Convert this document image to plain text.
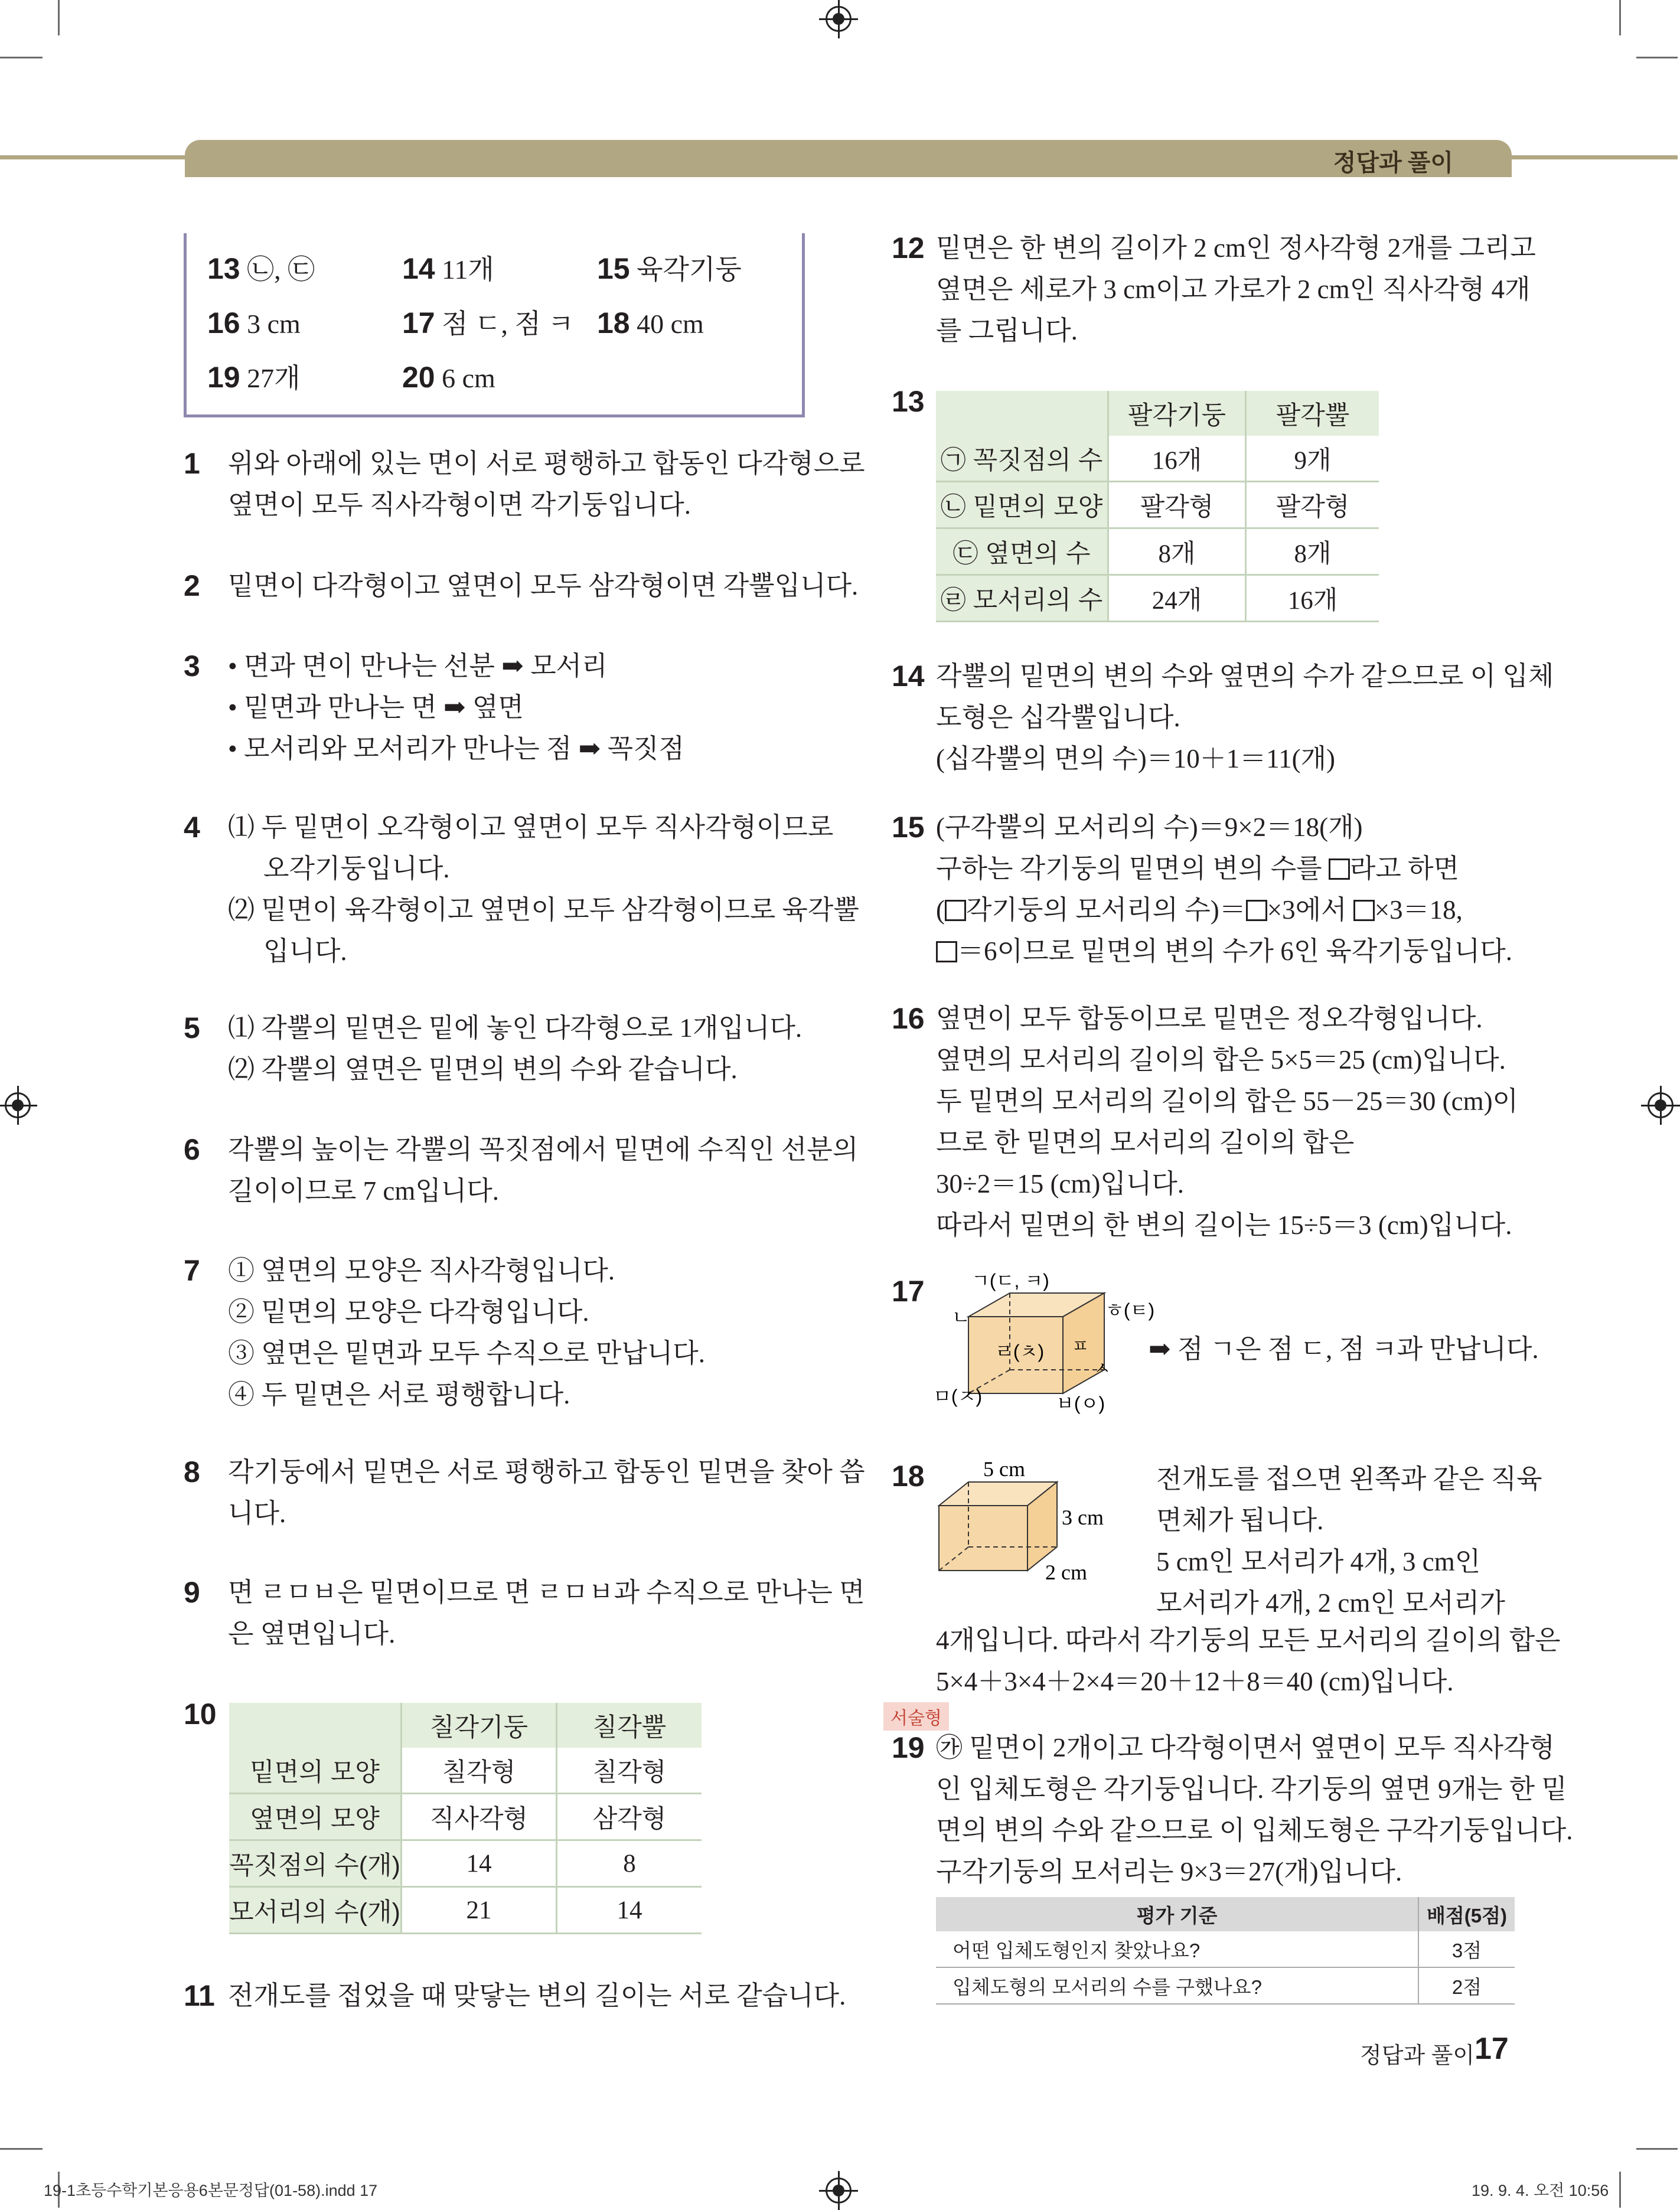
정답과 풀이
13 ㉡, ㉢	14 11개	15 육각기둥
16 3 cm	17 점 ㄷ, 점 ㅋ 18 40 cm
19 27개	20 6 cm
1 위와 아래에 있는 면이 서로 평행하고 합동인 다각형으로
옆면이 모두 직사각형이면 각기둥입니다.
2 밑면이 다각형이고 옆면이 모두 삼각형이면 각뿔입니다.
3 • 면과 면이 만나는 선분 ➡ 모서리
• 밑면과 만나는 면 ➡ 옆면
• 모서리와 모서리가 만나는 점 ➡ 꼭짓점
4 ⑴ 두 밑면이 오각형이고 옆면이 모두 직사각형이므로
오각기둥입니다.
⑵ 밑면이 육각형이고 옆면이 모두 삼각형이므로 육각뿔
입니다.
5 ⑴ 각뿔의 밑면은 밑에 놓인 다각형으로 1개입니다.
⑵ 각뿔의 옆면은 밑면의 변의 수와 같습니다.
6 각뿔의 높이는 각뿔의 꼭짓점에서 밑면에 수직인 선분의
길이이므로 7 cm입니다.
7 ① 옆면의 모양은 직사각형입니다.
② 밑면의 모양은 다각형입니다.
③ 옆면은 밑면과 모두 수직으로 만납니다.
④ 두 밑면은 서로 평행합니다.
8 각기둥에서 밑면은 서로 평행하고 합동인 밑면을 찾아 씁
니다.
9 면 ㄹㅁㅂ은 밑면이므로 면 ㄹㅁㅂ과 수직으로 만나는 면
은 옆면입니다.
10
		칠각기둥	칠각뿔
밑면의 모양	칠각형	칠각형
옆면의 모양	직사각형	삼각형
꼭짓점의 수(개)	14	8
모서리의 수(개)	21	14
11 전개도를 접었을 때 맞닿는 변의 길이는 서로 같습니다.
12 밑면은 한 변의 길이가 2 cm인 정사각형 2개를 그리고
옆면은 세로가 3 cm이고 가로가 2 cm인 직사각형 4개
를 그립니다.
13
		팔각기둥	팔각뿔
㉠ 꼭짓점의 수	16개	9개
㉡ 밑면의 모양	팔각형	팔각형
㉢ 옆면의 수	8개	8개
㉣ 모서리의 수	24개	16개
14 각뿔의 밑면의 변의 수와 옆면의 수가 같으므로 이 입체
도형은 십각뿔입니다.
(십각뿔의 면의 수)＝10＋1＝11(개)
15 (구각뿔의 모서리의 수)＝9×2＝18(개)
구하는 각기둥의 밑면의 변의 수를 라고 하면
( 각기둥의 모서리의 수)＝ ×3에서 ×3＝18,
＝6이므로 밑면의 변의 수가 6인 육각기둥입니다.
16 옆면이 모두 합동이므로 밑면은 정오각형입니다.
옆면의 모서리의 길이의 합은 5×5＝25 (cm)입니다.
두 밑면의 모서리의 길이의 합은 55－25＝30 (cm)이
므로 한 밑면의 모서리의 길이의 합은
30÷2＝15 (cm)입니다.
따라서 밑면의 한 변의 길이는 15÷5＝3 (cm)입니다.
17 ㄱ(ㄷ, ㅋ)
ㅎ(ㅌ)
ㄴ
ㄹ(ㅊ) ㅍ
ㅅ
ㅁ(ㅈ)	ㅂ(ㅇ)
➡ 점 ㄱ은 점 ㄷ, 점 ㅋ과 만납니다.
18	5 cm
3 cm
2 cm
전개도를 접으면 왼쪽과 같은 직육
면체가 됩니다.
5 cm인 모서리가 4개, 3 cm인
모서리가 4개, 2 cm인 모서리가
4개입니다. 따라서 각기둥의 모든 모서리의 길이의 합은
5×4＋3×4＋2×4＝20＋12＋8＝40 (cm)입니다.
서술형
19 ㉮ 밑면이 2개이고 다각형이면서 옆면이 모두 직사각형
인 입체도형은 각기둥입니다. 각기둥의 옆면 9개는 한 밑
면의 변의 수와 같으므로 이 입체도형은 구각기둥입니다.
구각기둥의 모서리는 9×3＝27(개)입니다.
평가 기준	배점(5점)
어떤 입체도형인지 찾았나요?	3점
입체도형의 모서리의 수를 구했나요?	2점
정답과 풀이 17
19-1초등수학기본응용6본문정답(01-58).indd 17	19. 9. 4. 오전 10:56
